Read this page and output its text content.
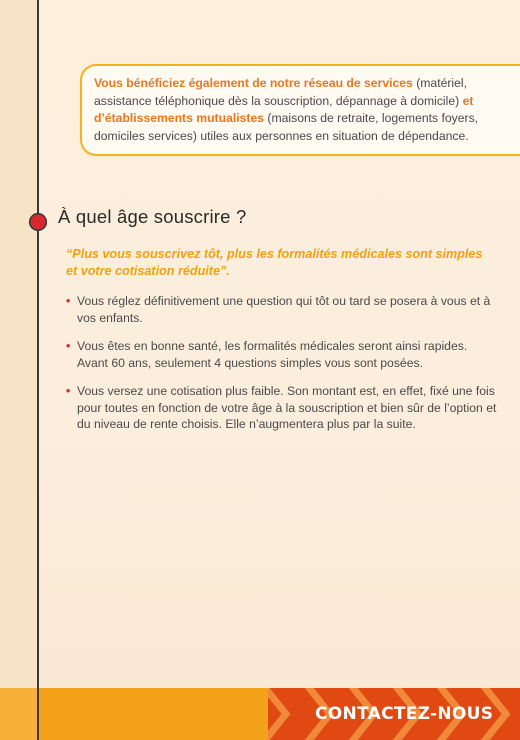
Vous bénéficiez également de notre réseau de services (matériel, assistance téléphonique dès la souscription, dépannage à domicile) et d’établissements mutualistes (maisons de retraite, logements foyers, domiciles services) utiles aux personnes en situation de dépendance.
À quel âge souscrire ?

“Plus vous souscrivez tôt, plus les formalités médicales sont simples et votre cotisation réduite”.

• Vous réglez définitivement une question qui tôt ou tard se posera à vous et à vos enfants.
• Vous êtes en bonne santé, les formalités médicales seront ainsi rapides. Avant 60 ans, seulement 4 questions simples vous sont posées.
• Vous versez une cotisation plus faible. Son montant est, en effet, fixé une fois pour toutes en fonction de votre âge à la souscription et bien sûr de l’option et du niveau de rente choisis. Elle n’augmentera plus par la suite.
CONTACTEZ-NOUS
